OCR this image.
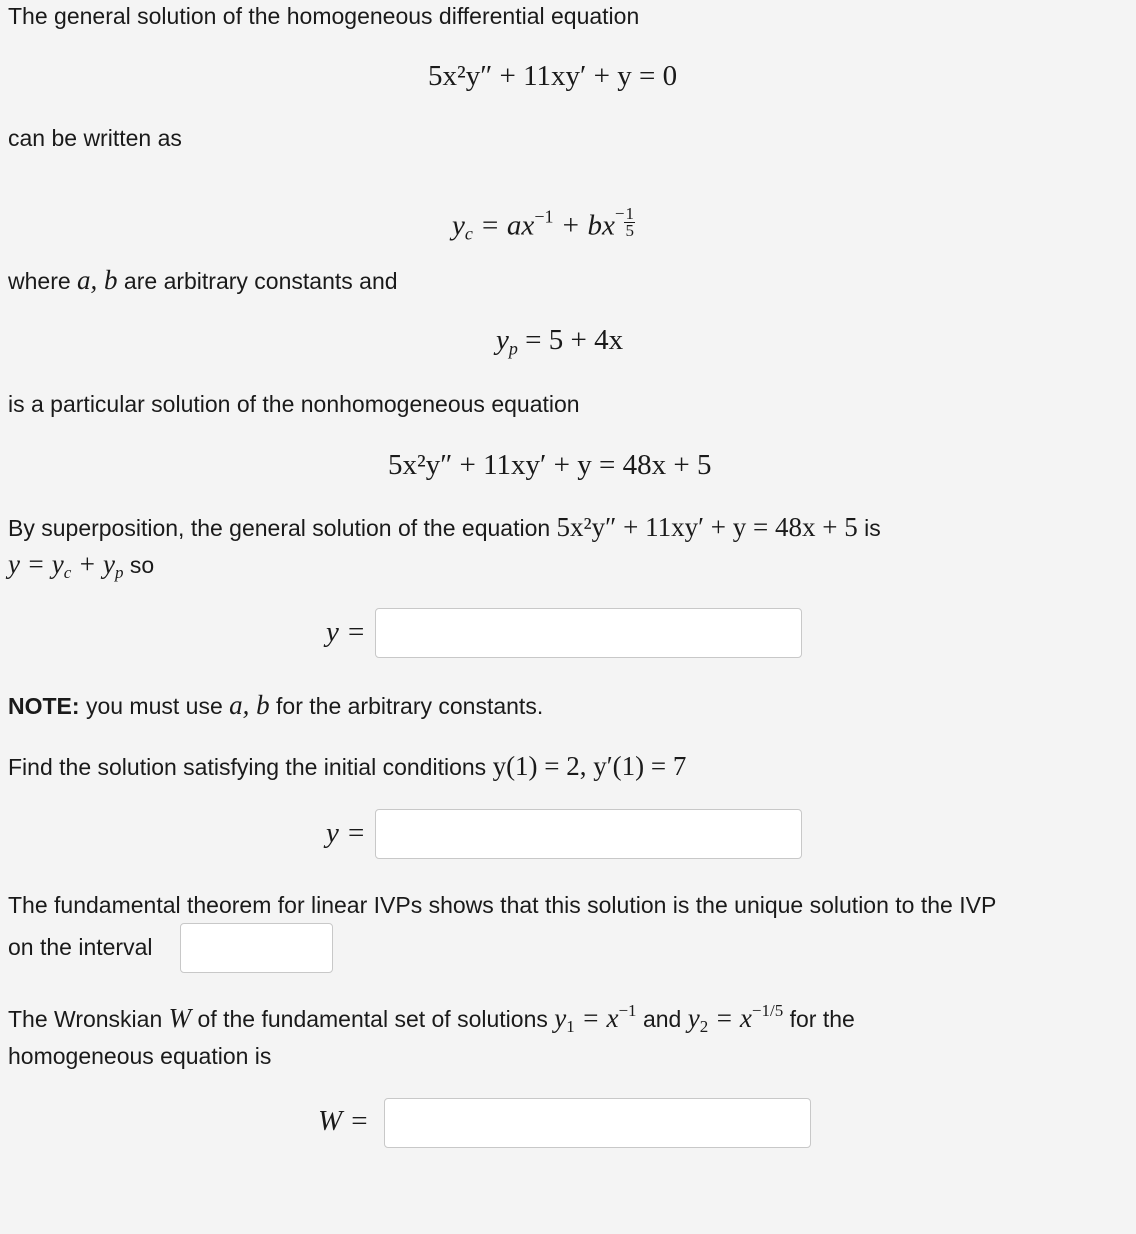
The general solution of the homogeneous differential equation
5x²y″ + 11xy′ + y = 0
can be written as
$y_c = ax^{-1} + bx^- \frac{1}{5}$
where a, b are arbitrary constants and
$y_p = 5 + 4x$
is a particular solution of the nonhomogeneous equation
5x²y″ + 11xy′ + y = 48x + 5
By superposition, the general solution of the equation 5x²y″ + 11xy′ + y = 48x + 5 is
$y = y_c + y_p$ so
y =
NOTE: you must use a, b for the arbitrary constants.
Find the solution satisfying the initial conditions y(1) = 2, y′(1) = 7
y =
The fundamental theorem for linear IVPs shows that this solution is the unique solution to the IVP
on the interval
The Wronskian W of the fundamental set of solutions $y_1 = x^{-1}$ and $y_2 = x^{-1/5}$ for the
homogeneous equation is
W =
